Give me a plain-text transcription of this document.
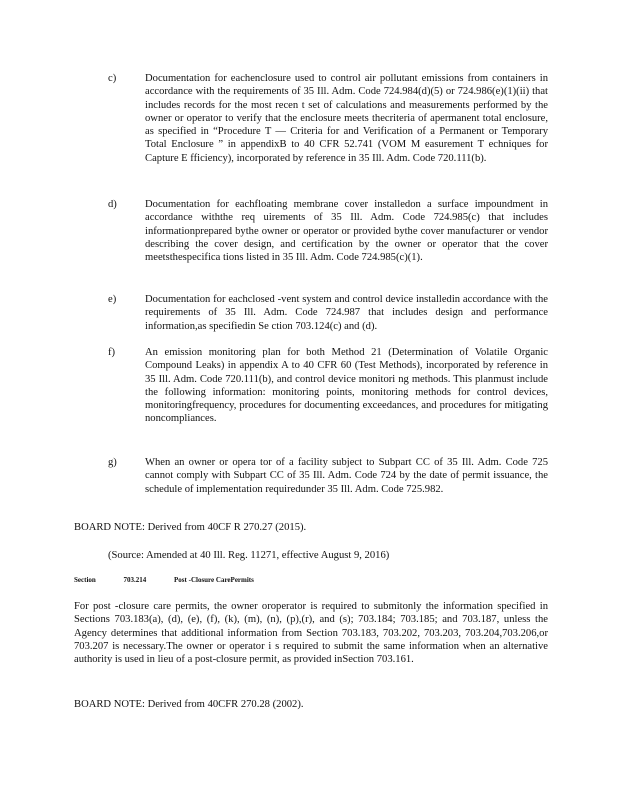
c)	Documentation for eachenclosure used to control air pollutant emissions from containers in accordance with the requirements of 35 Ill. Adm. Code 724.984(d)(5) or 724.986(e)(1)(ii) that includes records for the most recen t set of calculations and measurements performed by the owner or operator to verify that the enclosure meets thecriteria of apermanent total enclosure, as specified in “Procedure T — Criteria for and Verification of a Permanent or Temporary Total Enclosure ” in appendixB to 40 CFR 52.741 (VOM M easurement T echniques for Capture E fficiency), incorporated by reference in 35 Ill. Adm. Code 720.111(b).
d)	Documentation for eachfloating membrane cover installedon a surface impoundment in accordance withthe req uirements of 35 Ill. Adm. Code 724.985(c) that includes informationprepared bythe owner or operator or provided bythe cover manufacturer or vendor describing the cover design, and certification by the owner or operator that the cover meetsthespecifica tions listed in 35 Ill. Adm. Code 724.985(c)(1).
e)	Documentation for eachclosed -vent system and control device installedin accordance with the requirements of 35 Ill. Adm. Code 724.987 that includes design and performance information,as specifiedin Se ction 703.124(c) and (d).
f)	An emission monitoring plan for both Method 21 (Determination of Volatile Organic Compound Leaks) in appendix A to 40 CFR 60 (Test Methods), incorporated by reference in 35 Ill. Adm. Code 720.111(b), and control device monitori ng methods. This planmust include the following information: monitoring points, monitoring methods for control devices, monitoringfrequency, procedures for documenting exceedances, and procedures for mitigating noncompliances.
g)	When an owner or opera tor of a facility subject to Subpart CC of 35 Ill. Adm. Code 725 cannot comply with Subpart CC of 35 Ill. Adm. Code 724 by the date of permit issuance, the schedule of implementation requiredunder 35 Ill. Adm. Code 725.982.
BOARD NOTE: Derived from 40CF R 270.27 (2015).
(Source: Amended at 40 Ill. Reg. 11271, effective August 9, 2016)
Section	703.214	Post -Closure CarePermits
For post -closure care permits, the owner oroperator is required to submitonly the information specified in Sections 703.183(a), (d), (e), (f), (k), (m), (n), (p),(r), and (s); 703.184; 703.185; and 703.187, unless the Agency determines that additional information from Section 703.183, 703.202, 703.203, 703.204,703.206,or 703.207 is necessary.The owner or operator i s required to submit the same information when an alternative authority is used in lieu of a post-closure permit, as provided inSection 703.161.
BOARD NOTE: Derived from 40CFR 270.28 (2002).
